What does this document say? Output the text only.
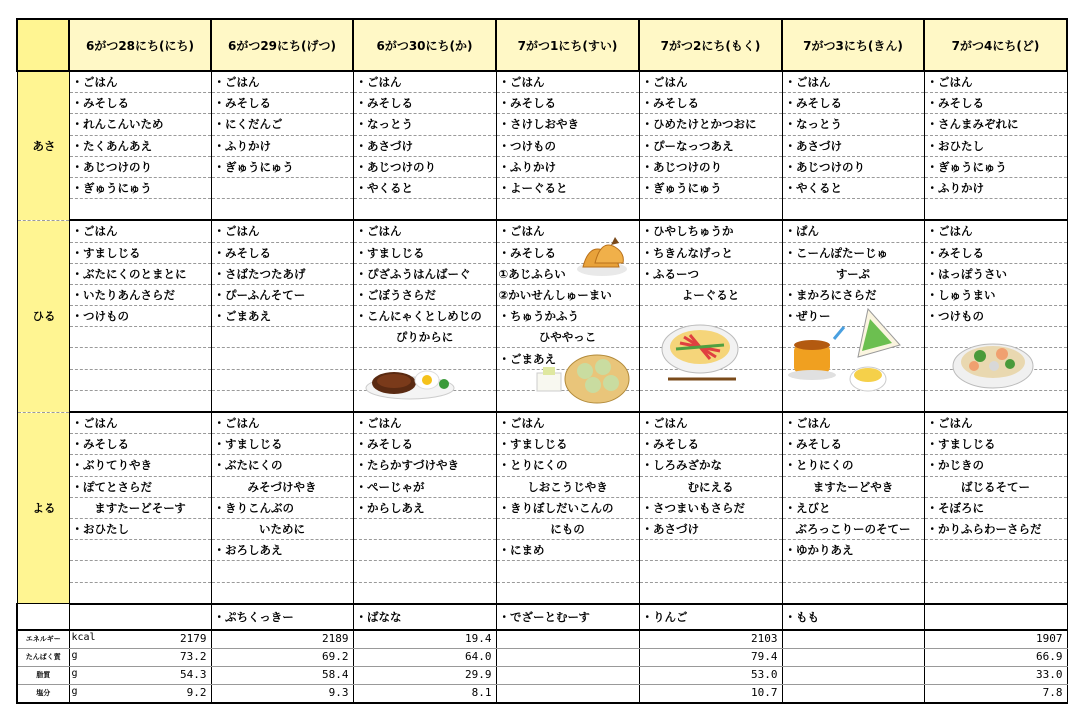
	6がつ28にち(にち)	6がつ29にち(げつ)	6がつ30にち(か)	7がつ1にち(すい)	7がつ2にち(もく)	7がつ3にち(きん)	7がつ4にち(ど)
あさ	・ごはん	・ごはん	・ごはん	・ごはん	・ごはん	・ごはん	・ごはん
	・みそしる	・みそしる	・みそしる	・みそしる	・みそしる	・みそしる	・みそしる
	・れんこんいため	・にくだんご	・なっとう	・さけしおやき	・ひめたけとかつおに	・なっとう	・さんまみぞれに
	・たくあんあえ	・ふりかけ	・あさづけ	・つけもの	・ぴーなっつあえ	・あさづけ	・おひたし
	・あじつけのり	・ぎゅうにゅう	・あじつけのり	・ふりかけ	・あじつけのり	・あじつけのり	・ぎゅうにゅう
	・ぎゅうにゅう		・やくると	・よーぐると	・ぎゅうにゅう	・やくると	・ふりかけ

ひる	・ごはん	・ごはん	・ごはん	・ごはん	・ひやしちゅうか	・ぱん	・ごはん
	・すましじる	・みそしる	・すましじる	・みそしる	・ちきんなげっと	・こーんぽたーじゅ	・みそしる
	・ぶたにくのとまとに	・さばたつたあげ	・ぴざふうはんばーぐ	①あじふらい	・ふるーつ	すーぷ	・はっぽうさい
	・いたりあんさらだ	・ぴーふんそてー	・ごぼうさらだ	②かいせんしゅーまい	よーぐると	・まかろにさらだ	・しゅうまい
	・つけもの	・ごまあえ	・こんにゃくとしめじの	・ちゅうかふう		・ぜりー	・つけもの
			ぴりからに	ひややっこ			
				・ごまあえ			

よる	・ごはん	・ごはん	・ごはん	・ごはん	・ごはん	・ごはん	・ごはん
	・みそしる	・すましじる	・みそしる	・すましじる	・みそしる	・みそしる	・すましじる
	・ぶりてりやき	・ぶたにくの	・たらかすづけやき	・とりにくの	・しろみざかな	・とりにくの	・かじきの
	・ぽてとさらだ	みそづけやき	・ぺーじゃが	しおこうじやき	むにえる	ますたーどやき	ばじるそてー
	ますたーどそーす	・きりこんぶの	・からしあえ	・きりぼしだいこんの	・さつまいもさらだ	・えびと	・そぼろに
	・おひたし	いために		にもの	・あさづけ	ぶろっこりーのそてー	・かりふらわーさらだ
		・おろしあえ		・にまめ		・ゆかりあえ	

		・ぷちくっきー	・ばなな	・でざーとむーす	・りんご	・もも	
エネルギー	kcal 2179	2189	19.4		2103		1907

たんぱく質	g 73.2	69.2	64.0		79.4		66.9

脂質	g 54.3	58.4	29.9		53.0		33.0

塩分	g 9.2	9.3	8.1		10.7		7.8
